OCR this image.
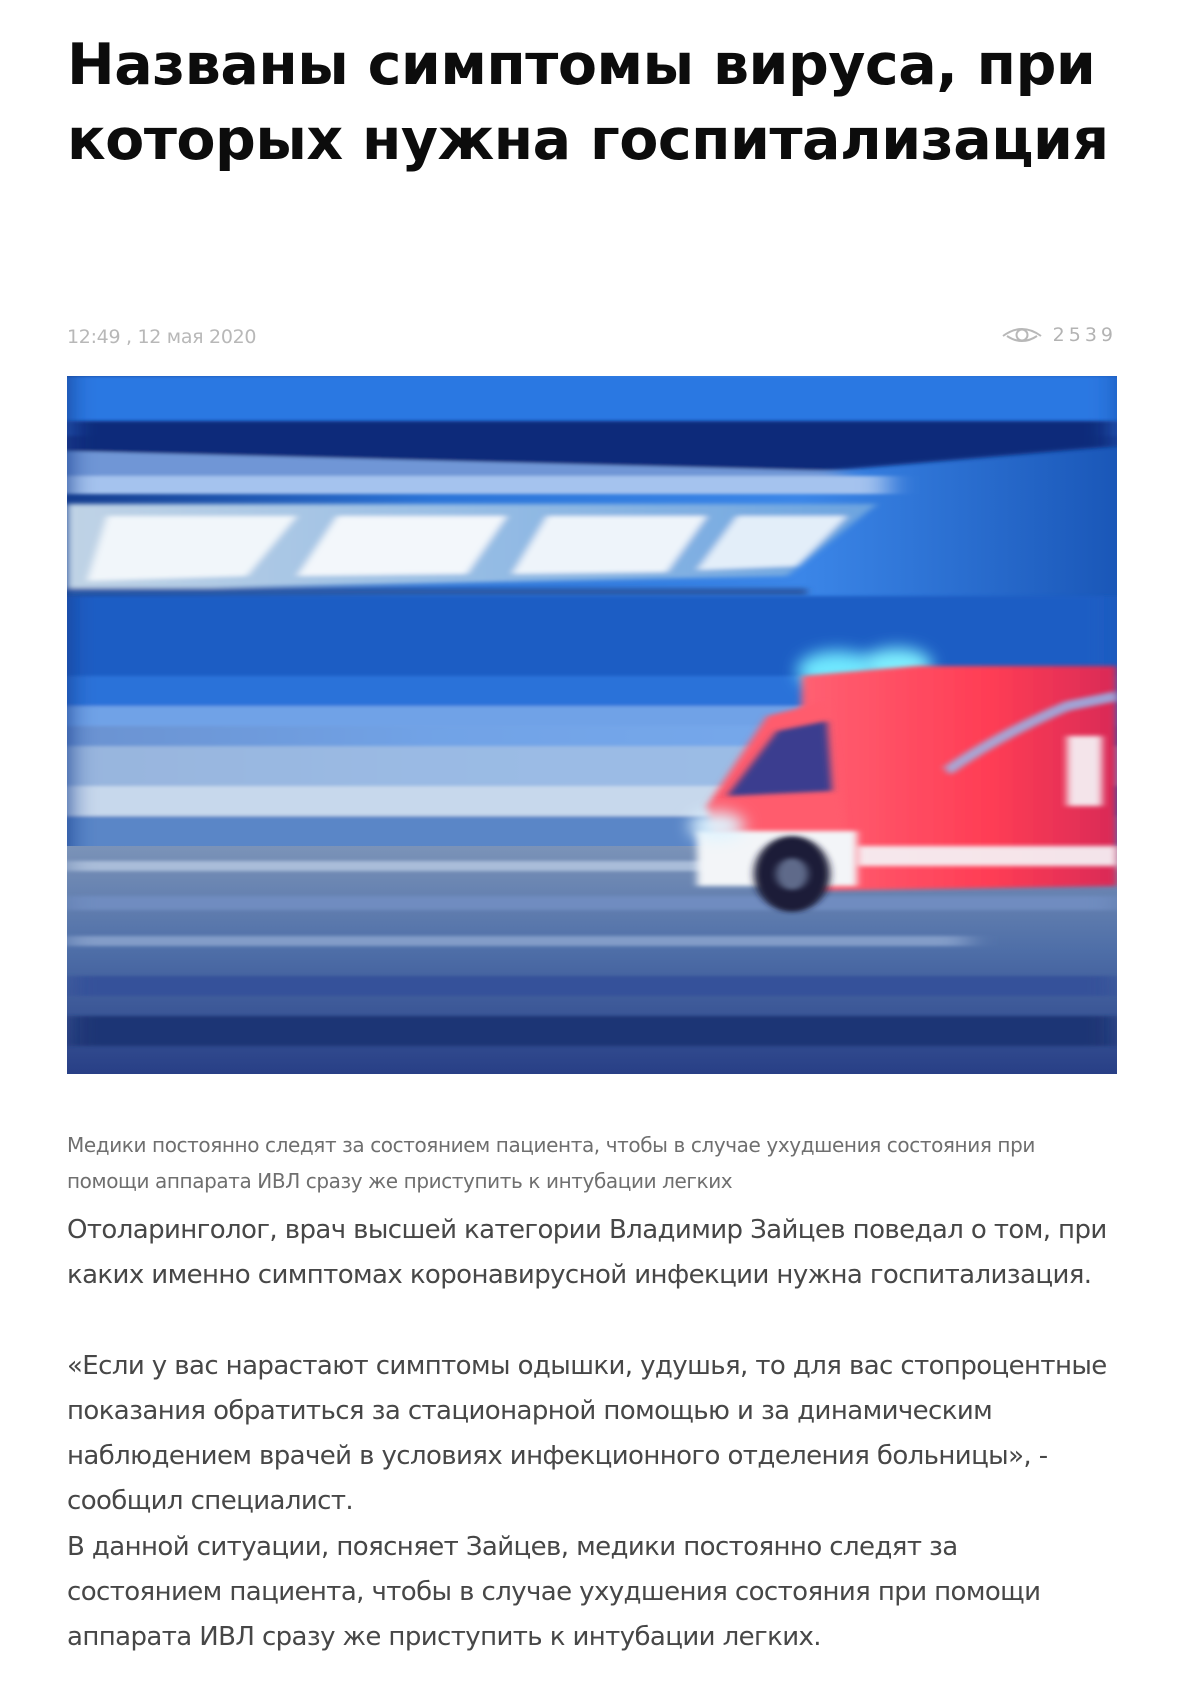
Названы симптомы вируса, при которых нужна госпитализация
12:49 , 12 мая 2020	2539

Медики постоянно следят за состоянием пациента, чтобы в случае ухудшения состояния при помощи аппарата ИВЛ сразу же приступить к интубации легких

Отоларинголог, врач высшей категории Владимир Зайцев поведал о том, при каких именно симптомах коронавирусной инфекции нужна госпитализация.

«Если у вас нарастают симптомы одышки, удушья, то для вас стопроцентные показания обратиться за стационарной помощью и за динамическим наблюдением врачей в условиях инфекционного отделения больницы», - сообщил специалист.

В данной ситуации, поясняет Зайцев, медики постоянно следят за состоянием пациента, чтобы в случае ухудшения состояния при помощи аппарата ИВЛ сразу же приступить к интубации легких.
